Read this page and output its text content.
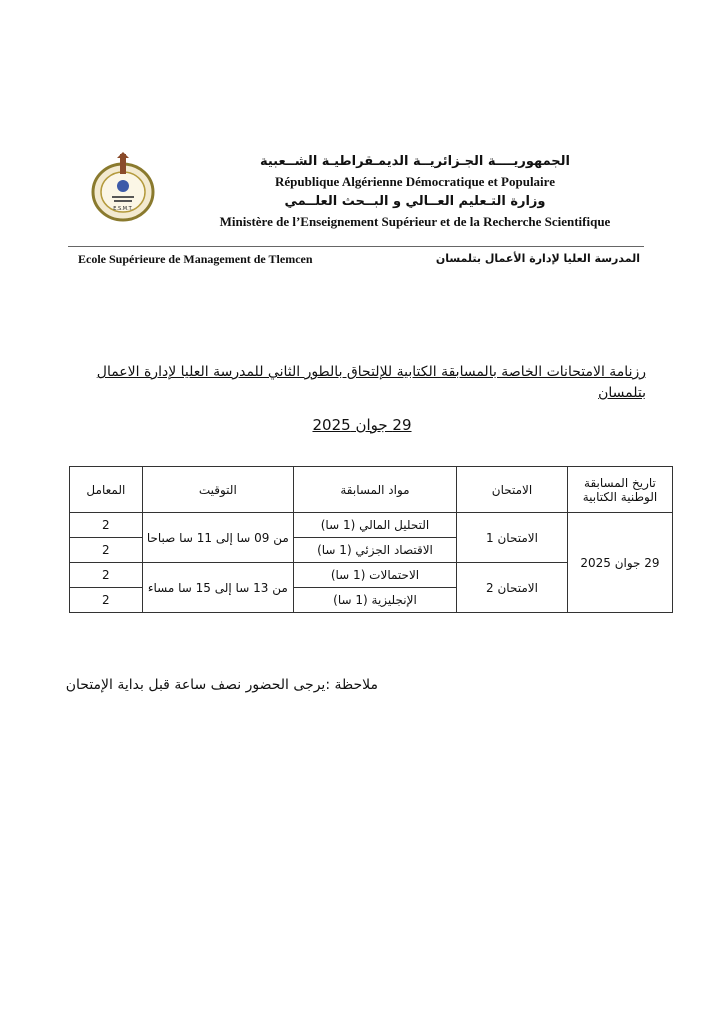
E.S.M.T.
الجمهوريــــة الجـزائريــة الديمـقراطيـة الشــعبية
République Algérienne Démocratique et Populaire
وزارة التـعليم العــالي و البــحث العلــمي
Ministère de l’Enseignement Supérieur et de la Recherche Scientifique
Ecole Supérieure de Management de Tlemcen	المدرسة العليا لإدارة الأعمال بتلمسان
رزنامة الامتحانات الخاصة بالمسابقة الكتابية للإلتحاق بالطور الثاني للمدرسة العليا لإدارة الاعمال بتلمسان
29 جوان 2025
تاريخ المسابقة الوطنية الكتابية	الامتحان	مواد المسابقة	التوقيت	المعامل
29 جوان 2025	الامتحان 1	التحليل المالي (1 سا)	من 09 سا إلى 11 سا صباحا	2
		الاقتصاد الجزئي (1 سا)		2
	الامتحان 2	الاحتمالات (1 سا)	من 13 سا إلى 15 سا مساء	2
		الإنجليزية (1 سا)		2
ملاحظة :يرجى الحضور نصف ساعة قبل بداية الإمتحان
